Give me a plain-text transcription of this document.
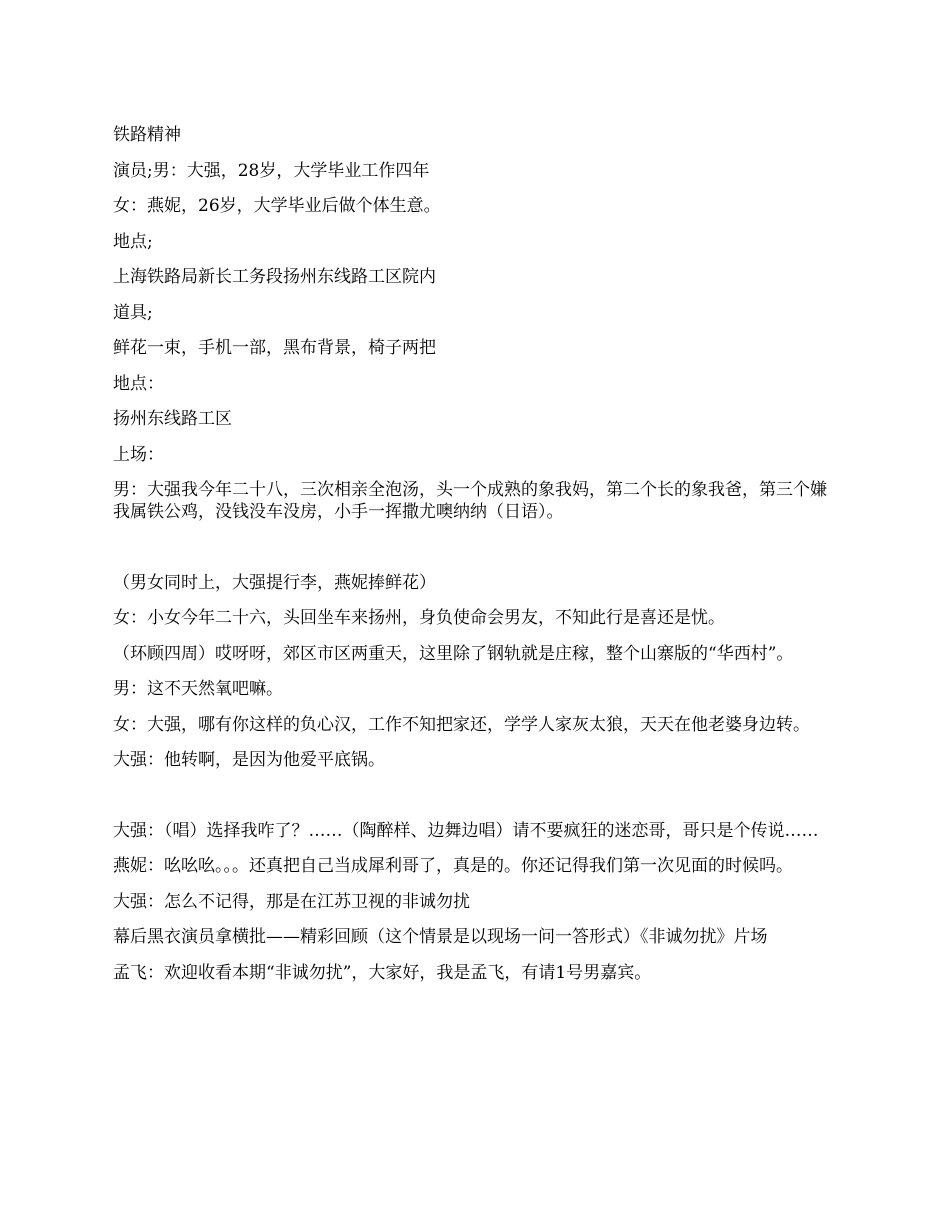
铁路精神

演员;男：大强，28岁，大学毕业工作四年

女：燕妮，26岁，大学毕业后做个体生意。

地点;

上海铁路局新长工务段扬州东线路工区院内

道具;

鲜花一束，手机一部，黑布背景，椅子两把

地点：

扬州东线路工区

上场：

男：大强我今年二十八，三次相亲全泡汤，头一个成熟的象我妈，第二个长的象我爸，第三个嫌我属铁公鸡，没钱没车没房，小手一挥撒尤噢纳纳（日语）。

（男女同时上，大强提行李，燕妮捧鲜花）

女：小女今年二十六，头回坐车来扬州，身负使命会男友，不知此行是喜还是忧。

（环顾四周）哎呀呀，郊区市区两重天，这里除了钢轨就是庄稼，整个山寨版的“华西村”。

男：这不天然氧吧嘛。

女：大强，哪有你这样的负心汉，工作不知把家还，学学人家灰太狼，天天在他老婆身边转。

大强：他转啊，是因为他爱平底锅。

大强：（唱）选择我咋了？……（陶醉样、边舞边唱）请不要疯狂的迷恋哥，哥只是个传说……

燕妮：吆吆吆。。。还真把自己当成犀利哥了，真是的。你还记得我们第一次见面的时候吗。

大强：怎么不记得，那是在江苏卫视的非诚勿扰

幕后黑衣演员拿横批——精彩回顾（这个情景是以现场一问一答形式）《非诚勿扰》片场

孟飞：欢迎收看本期“非诚勿扰”，大家好，我是孟飞，有请1号男嘉宾。
